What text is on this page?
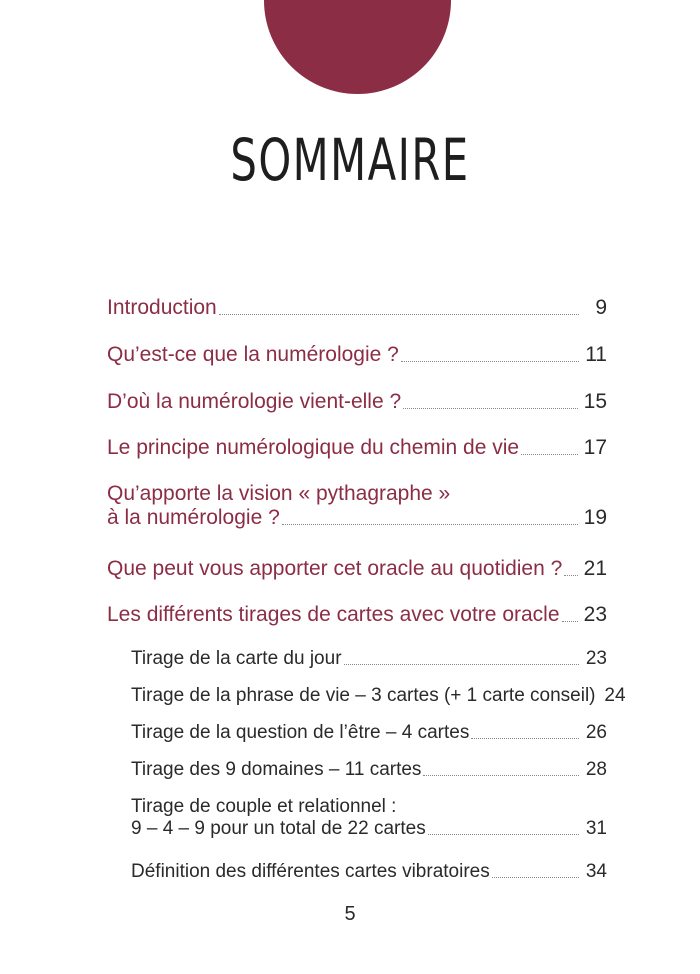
SOMMAIRE
Introduction	9
Qu’est-ce que la numérologie ?	11
D’où la numérologie vient-elle ?	15
Le principe numérologique du chemin de vie	17
Qu’apporte la vision « pythagraphe »
à la numérologie ?	19
Que peut vous apporter cet oracle au quotidien ? 21
Les différents tirages de cartes avec votre oracle 23
Tirage de la carte du jour	23
Tirage de la phrase de vie – 3 cartes (+ 1 carte conseil) 24
Tirage de la question de l’être – 4 cartes	26
Tirage des 9 domaines – 11 cartes	28
Tirage de couple et relationnel :
9 – 4 – 9 pour un total de 22 cartes	31
Définition des différentes cartes vibratoires	34
5
